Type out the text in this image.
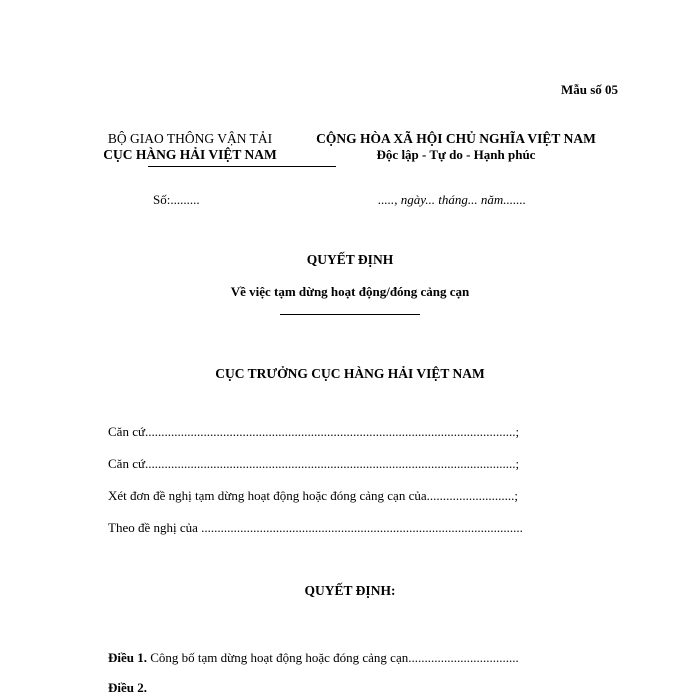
Mẫu số 05
BỘ GIAO THÔNG VẬN TẢI
CỤC HÀNG HẢI VIỆT NAM
CỘNG HÒA XÃ HỘI CHỦ NGHĨA VIỆT NAM
Độc lập - Tự do - Hạnh phúc
Số:.........	....., ngày... tháng... năm.......
QUYẾT ĐỊNH
Về việc tạm dừng hoạt động/đóng cảng cạn
CỤC TRƯỞNG CỤC HÀNG HẢI VIỆT NAM
Căn cứ..................................................................................................................;
Căn cứ..................................................................................................................;
Xét đơn đề nghị tạm dừng hoạt động hoặc đóng cảng cạn của...........................;
Theo đề nghị của ...................................................................................................
QUYẾT ĐỊNH:
Điều 1. Công bố tạm dừng hoạt động hoặc đóng cảng cạn..................................
Điều 2.
